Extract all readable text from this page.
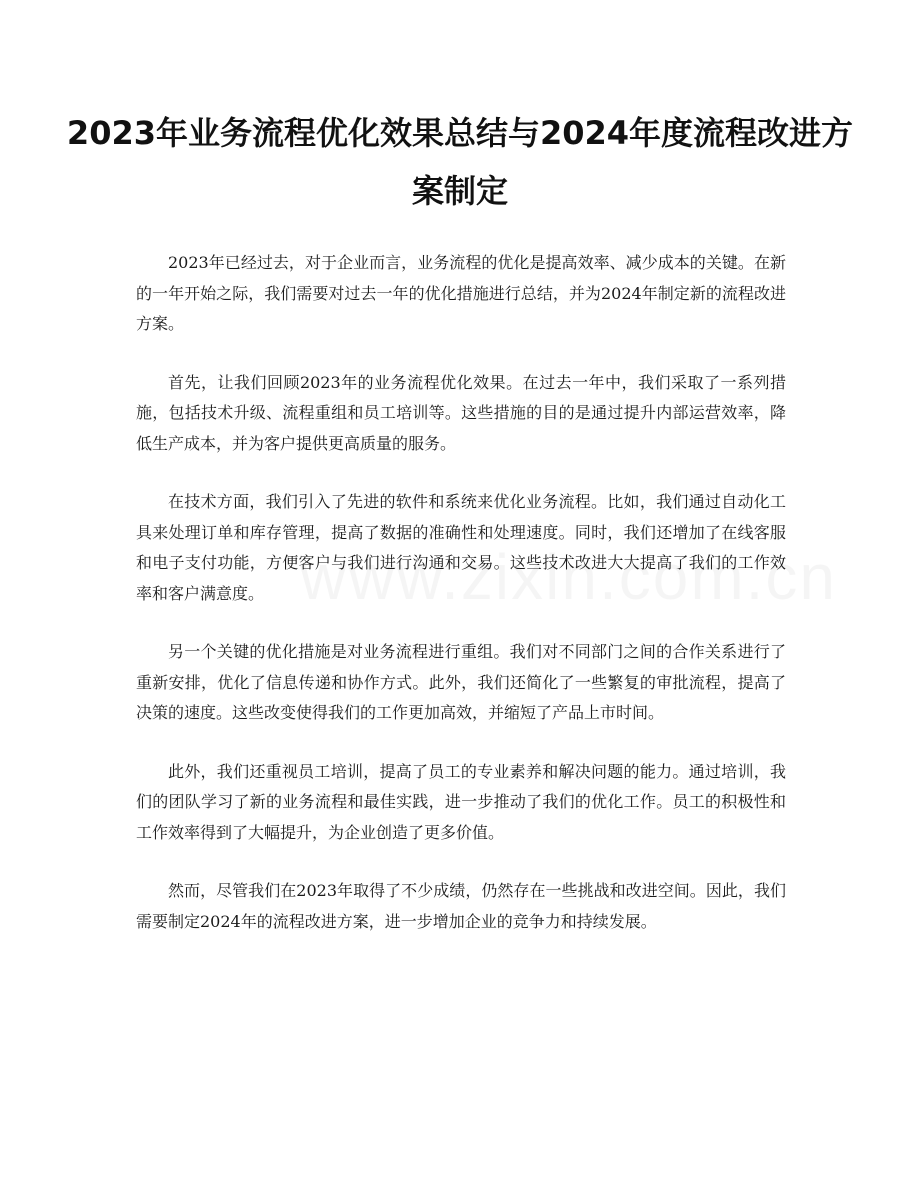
2023年业务流程优化效果总结与2024年度流程改进方案制定

2023年已经过去，对于企业而言，业务流程的优化是提高效率、减少成本的关键。在新的一年开始之际，我们需要对过去一年的优化措施进行总结，并为2024年制定新的流程改进方案。

首先，让我们回顾2023年的业务流程优化效果。在过去一年中，我们采取了一系列措施，包括技术升级、流程重组和员工培训等。这些措施的目的是通过提升内部运营效率，降低生产成本，并为客户提供更高质量的服务。

在技术方面，我们引入了先进的软件和系统来优化业务流程。比如，我们通过自动化工具来处理订单和库存管理，提高了数据的准确性和处理速度。同时，我们还增加了在线客服和电子支付功能，方便客户与我们进行沟通和交易。这些技术改进大大提高了我们的工作效率和客户满意度。

另一个关键的优化措施是对业务流程进行重组。我们对不同部门之间的合作关系进行了重新安排，优化了信息传递和协作方式。此外，我们还简化了一些繁复的审批流程，提高了决策的速度。这些改变使得我们的工作更加高效，并缩短了产品上市时间。

此外，我们还重视员工培训，提高了员工的专业素养和解决问题的能力。通过培训，我们的团队学习了新的业务流程和最佳实践，进一步推动了我们的优化工作。员工的积极性和工作效率得到了大幅提升，为企业创造了更多价值。

然而，尽管我们在2023年取得了不少成绩，仍然存在一些挑战和改进空间。因此，我们需要制定2024年的流程改进方案，进一步增加企业的竞争力和持续发展。
